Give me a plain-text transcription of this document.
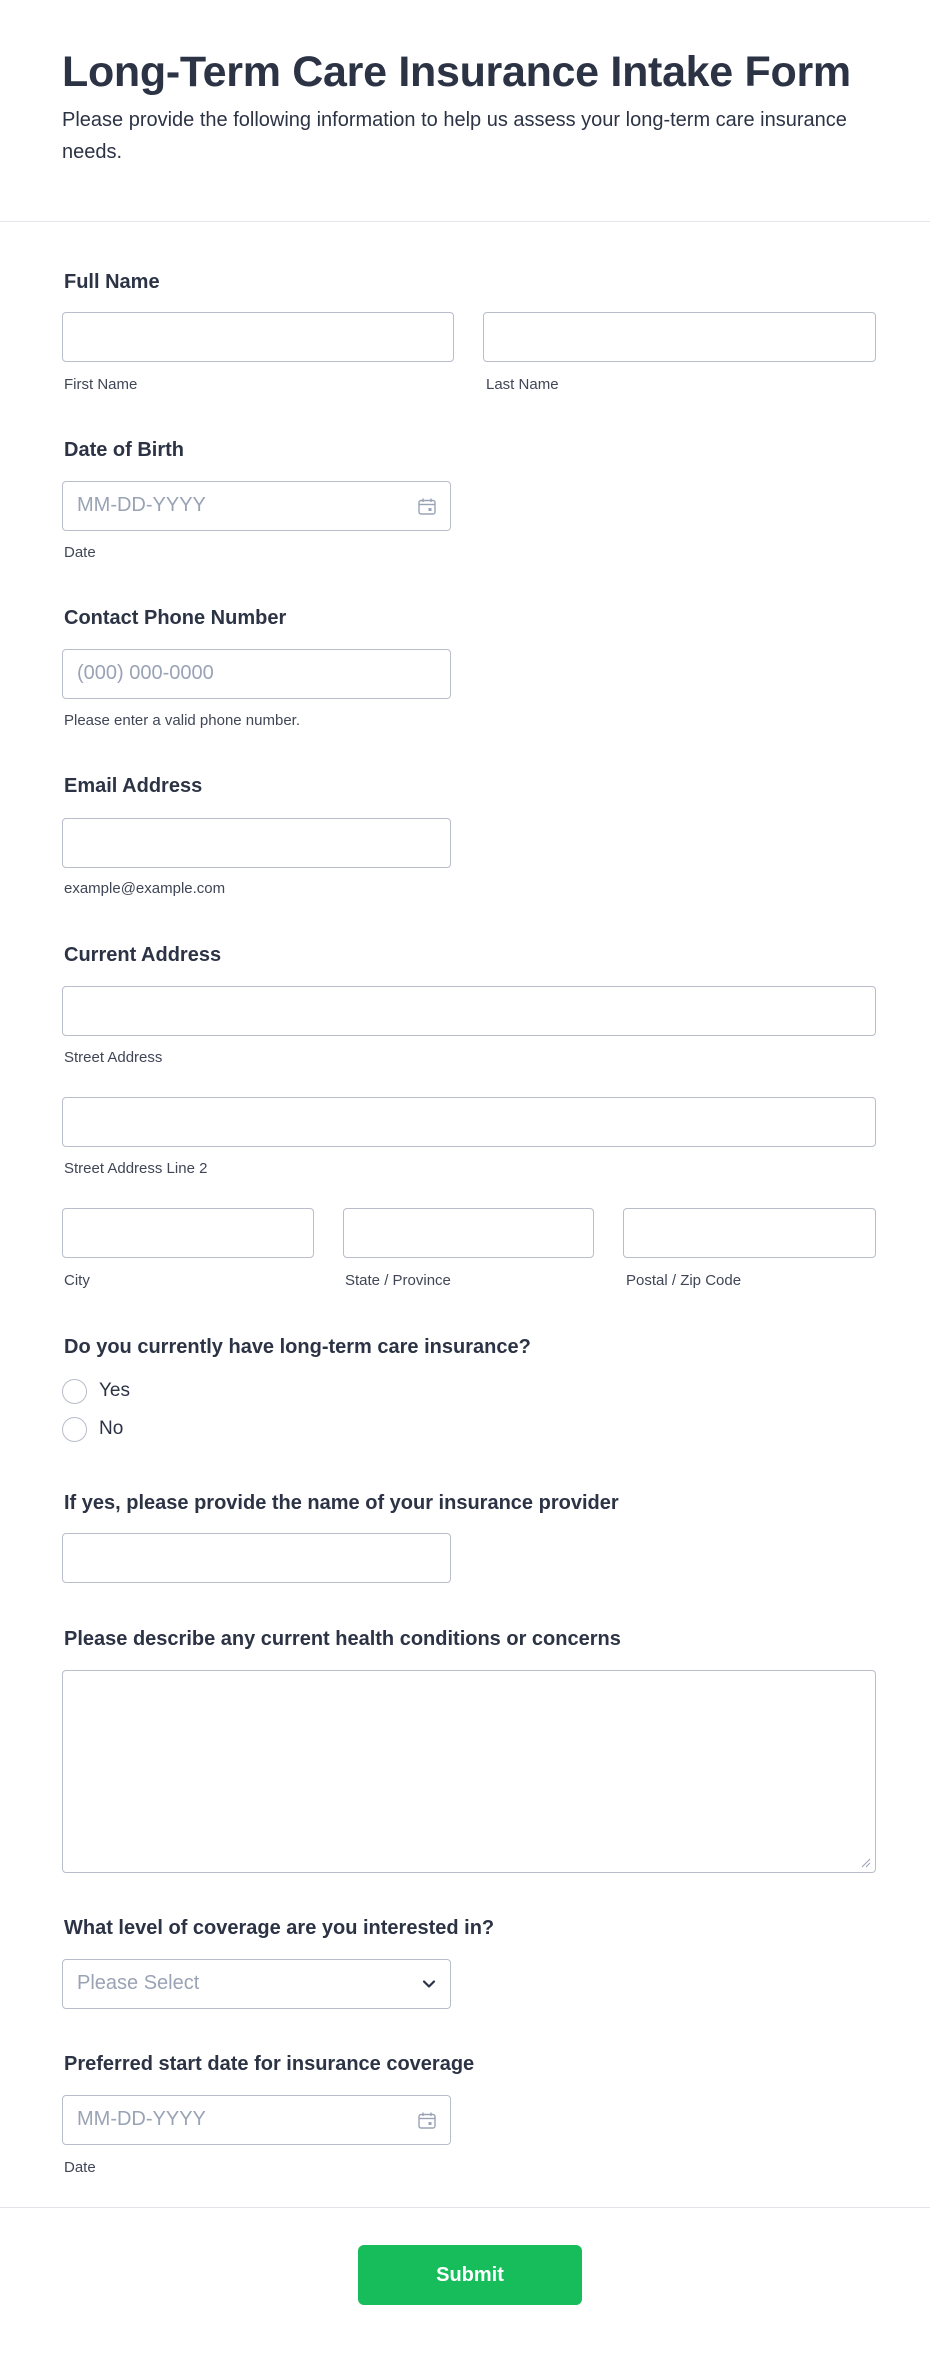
Long-Term Care Insurance Intake Form
Please provide the following information to help us assess your long-term care insurance needs.
Full Name
First Name	Last Name
Date of Birth
MM-DD-YYYY
Date
Contact Phone Number
(000) 000-0000
Please enter a valid phone number.
Email Address
example@example.com
Current Address
Street Address
Street Address Line 2
City	State / Province	Postal / Zip Code
Do you currently have long-term care insurance?
Yes
No
If yes, please provide the name of your insurance provider
Please describe any current health conditions or concerns
What level of coverage are you interested in?
Please Select
Preferred start date for insurance coverage
MM-DD-YYYY
Date
Submit
